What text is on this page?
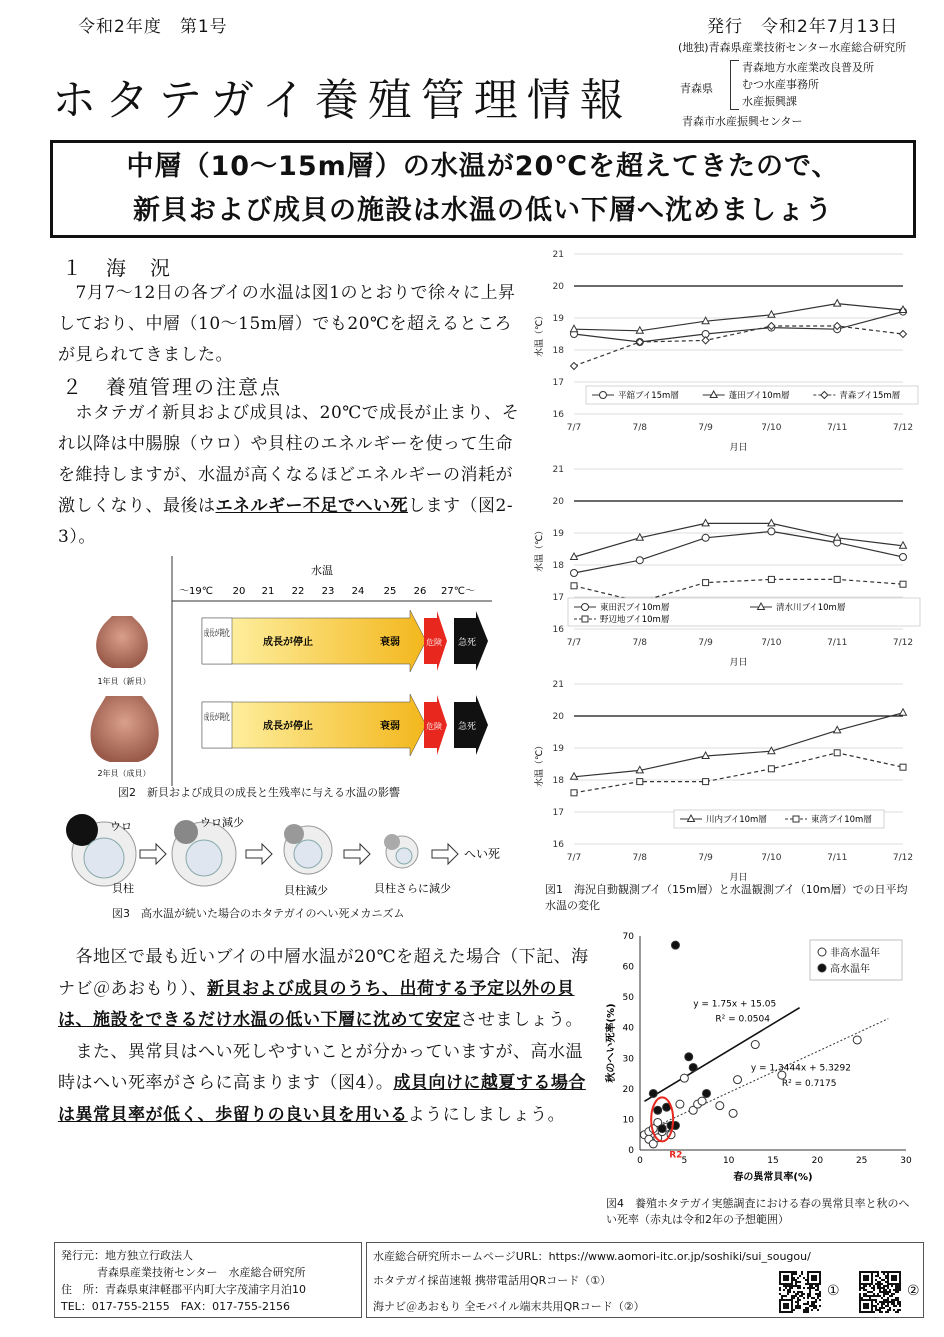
令和2年度　第1号	発行　令和2年7月13日
(地独)青森県産業技術センター水産総合研究所
ホタテガイ養殖管理情報	青森県
青森地方水産業改良普及所
むつ水産事務所
水産振興課
青森市水産振興センター
中層（10～15m層）の水温が20℃を超えてきたので、
新貝および成貝の施設は水温の低い下層へ沈めましょう
１　海　況
　7月7～12日の各ブイの水温は図1のとおりで徐々に上昇しており、中層（10～15m層）でも20℃を超えるところが見られてきました。
２　養殖管理の注意点
　ホタテガイ新貝および成貝は、20℃で成長が止まり、それ以降は中腸腺（ウロ）や貝柱のエネルギーを使って生命を維持しますが、水温が高くなるほどエネルギーの消耗が激しくなり、最後はエネルギー不足でへい死します（図2-3）。
水温
～19℃ 20 21 22 23 24 25 26 27℃～
1年貝（新貝）
成長が鈍化
成長が停止	衰弱	危険 急死
2年貝（成貝）
成長が鈍化
成長が停止	衰弱	危険 急死
図2　新貝および成貝の成長と生残率に与える水温の影響
ウロ
貝柱
ウロ減少
貝柱減少	貝柱さらに減少
へい死
図3　高水温が続いた場合のホタテガイのへい死メカニズム
16
17
18
19
20
21
7/7	7/8	7/9	7/10	7/11	7/12
月日
水温（℃）
平舘ブイ15m層	蓬田ブイ10m層	青森ブイ15m層
16
17
18
19
20
21
7/7	7/8	7/9	7/10	7/11	7/12
月日
水温（℃）
東田沢ブイ10m層	清水川ブイ10m層
野辺地ブイ10m層
16
17
18
19
20
21
7/7	7/8	7/9	7/10	7/11	7/12
月日
水温（℃）
川内ブイ10m層	東湾ブイ10m層
図1　海況自動観測ブイ（15m層）と水温観測ブイ（10m層）での日平均水温の変化
　各地区で最も近いブイの中層水温が20℃を超えた場合（下記、海ナビ＠あおもり）、新貝および成貝のうち、出荷する予定以外の貝は、施設をできるだけ水温の低い下層に沈めて安定させましょう。
　また、異常貝はへい死しやすいことが分かっていますが、高水温時はへい死率がさらに高まります（図4）。成貝向けに越夏する場合は異常貝率が低く、歩留りの良い貝を用いるようにしましょう。
0	5	10	15	20	25	30
0
10
20
30
40
50
60
70
春の異常貝率(%)
秋のへい死率(%)	y = 1.75x + 15.05
R² = 0.0504
y = 1.3444x + 5.3292
R² = 0.7175
R2
非高水温年
高水温年
図4　養殖ホタテガイ実態調査における春の異常貝率と秋のへい死率（赤丸は令和2年の予想範囲）
発行元：地方独立行政法人
青森県産業技術センター　水産総合研究所
住　所：青森県東津軽郡平内町大字茂浦字月泊10
TEL：017-755-2155　FAX：017-755-2156
水産総合研究所ホームページURL：https://www.aomori-itc.or.jp/soshiki/sui_sougou/
ホタテガイ採苗速報 携帯電話用QRコード（①）
海ナビ＠あおもり 全モバイル端末共用QRコード（②）
①	②
